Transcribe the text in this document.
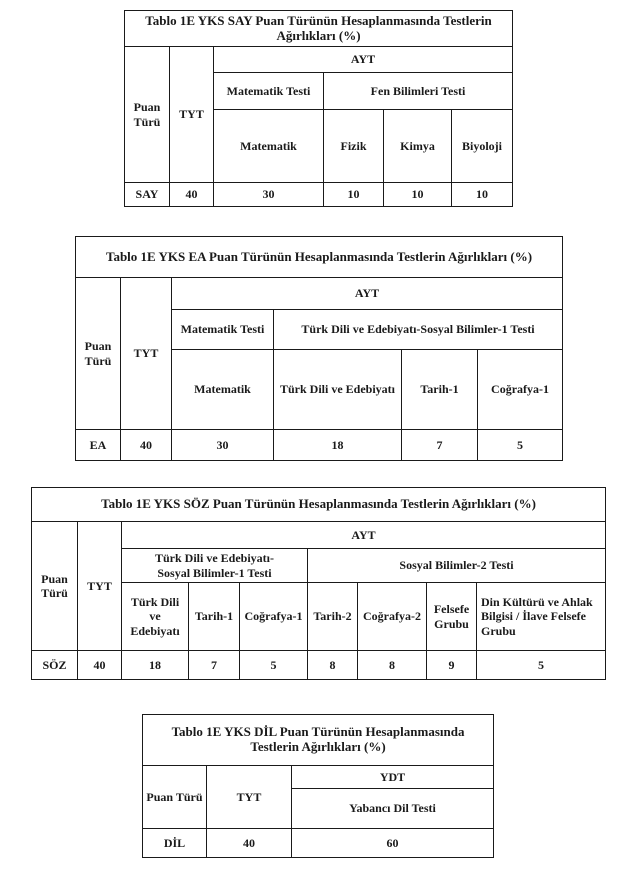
Tablo 1E YKS SAY Puan Türünün Hesaplanmasında Testlerin Ağırlıkları (%)					
Puan Türü	TYT	AYT			
		Matematik Testi	Fen Bilimleri Testi		
		Matematik	Fizik	Kimya	Biyoloji
SAY	40	30	10	10	10
Tablo 1E YKS EA Puan Türünün Hesaplanmasında Testlerin Ağırlıkları (%)					
Puan Türü	TYT	AYT			
		Matematik Testi	Türk Dili ve Edebiyatı-Sosyal Bilimler-1 Testi		
		Matematik	Türk Dili ve Edebiyatı	Tarih-1	Coğrafya-1
EA	40	30	18	7	5
Tablo 1E YKS SÖZ Puan Türünün Hesaplanmasında Testlerin Ağırlıkları (%)								
Puan Türü	TYT	AYT						
		Türk Dili ve Edebiyatı-Sosyal Bilimler-1 Testi			Sosyal Bilimler-2 Testi			
		Türk Dili ve Edebiyatı	Tarih-1	Coğrafya-1	Tarih-2	Coğrafya-2	Felsefe Grubu	Din Kültürü ve Ahlak Bilgisi / İlave Felsefe Grubu
SÖZ	40	18	7	5	8	8	9	5
Tablo 1E YKS DİL Puan Türünün Hesaplanmasında Testlerin Ağırlıkları (%)		
Puan Türü	TYT	YDT
		Yabancı Dil Testi
DİL	40	60
